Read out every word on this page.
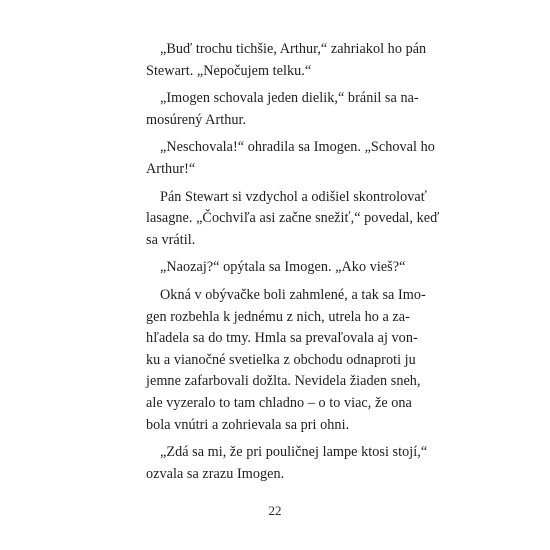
„Buď trochu tichšie, Arthur,“ zahriakol ho pán
Stewart. „Nepočujem telku.“

„Imogen schovala jeden dielik,“ bránil sa na-
mosúrený Arthur.

„Neschovala!“ ohradila sa Imogen. „Schoval ho
Arthur!“

Pán Stewart si vzdychol a odišiel skontrolovať
lasagne. „Čochviľa asi začne snežiť,“ povedal, keď
sa vrátil.

„Naozaj?“ opýtala sa Imogen. „Ako vieš?“

Okná v obývačke boli zahmlené, a tak sa Imo-
gen rozbehla k jednému z nich, utrela ho a za-
hľadela sa do tmy. Hmla sa prevaľovala aj von-
ku a vianočné svetielka z obchodu odnaproti ju
jemne zafarbovali dožlta. Nevidela žiaden sneh,
ale vyzeralo to tam chladno – o to viac, že ona
bola vnútri a zohrievala sa pri ohni.

„Zdá sa mi, že pri pouličnej lampe ktosi stojí,“
ozvala sa zrazu Imogen.

22
